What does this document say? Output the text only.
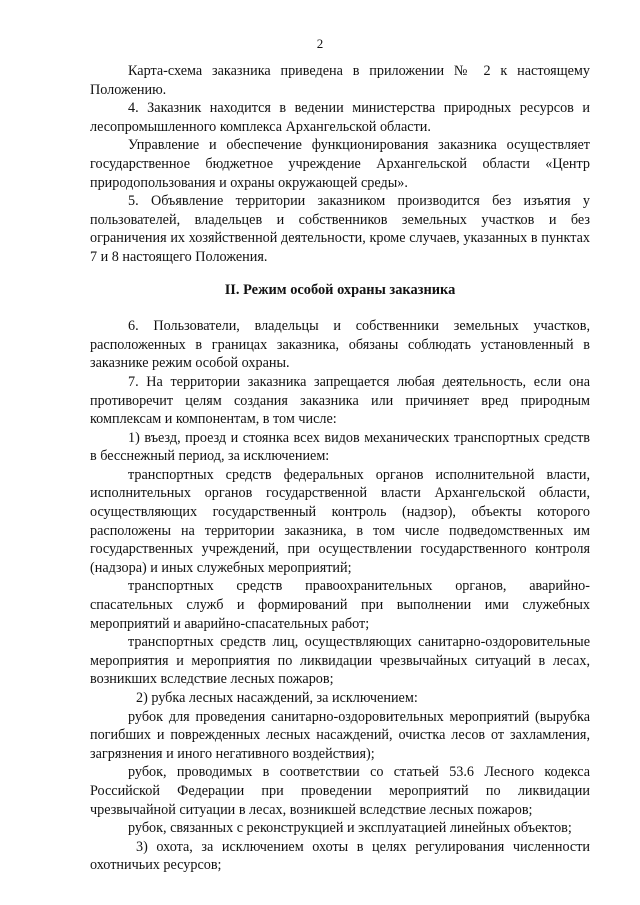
2

Карта-схема заказника приведена в приложении № 2 к настоящему Положению.

4. Заказник находится в ведении министерства природных ресурсов и лесопромышленного комплекса Архангельской области.

Управление и обеспечение функционирования заказника осуществляет государственное бюджетное учреждение Архангельской области «Центр природопользования и охраны окружающей среды».

5. Объявление территории заказником производится без изъятия у пользователей, владельцев и собственников земельных участков и без ограничения их хозяйственной деятельности, кроме случаев, указанных в пунктах 7 и 8 настоящего Положения.

II. Режим особой охраны заказника

6. Пользователи, владельцы и собственники земельных участков, расположенных в границах заказника, обязаны соблюдать установленный в заказнике режим особой охраны.

7. На территории заказника запрещается любая деятельность, если она противоречит целям создания заказника или причиняет вред природным комплексам и компонентам, в том числе:

1) въезд, проезд и стоянка всех видов механических транспортных средств в бесснежный период, за исключением:

транспортных средств федеральных органов исполнительной власти, исполнительных органов государственной власти Архангельской области, осуществляющих государственный контроль (надзор), объекты которого расположены на территории заказника, в том числе подведомственных им государственных учреждений, при осуществлении государственного контроля (надзора) и иных служебных мероприятий;

транспортных средств правоохранительных органов, аварийно-спасательных служб и формирований при выполнении ими служебных мероприятий и аварийно-спасательных работ;

транспортных средств лиц, осуществляющих санитарно-оздоровительные мероприятия и мероприятия по ликвидации чрезвычайных ситуаций в лесах, возникших вследствие лесных пожаров;

2) рубка лесных насаждений, за исключением:

рубок для проведения санитарно-оздоровительных мероприятий (вырубка погибших и поврежденных лесных насаждений, очистка лесов от захламления, загрязнения и иного негативного воздействия);

рубок, проводимых в соответствии со статьей 53.6 Лесного кодекса Российской Федерации при проведении мероприятий по ликвидации чрезвычайной ситуации в лесах, возникшей вследствие лесных пожаров;

рубок, связанных с реконструкцией и эксплуатацией линейных объектов;

3) охота, за исключением охоты в целях регулирования численности охотничьих ресурсов;
